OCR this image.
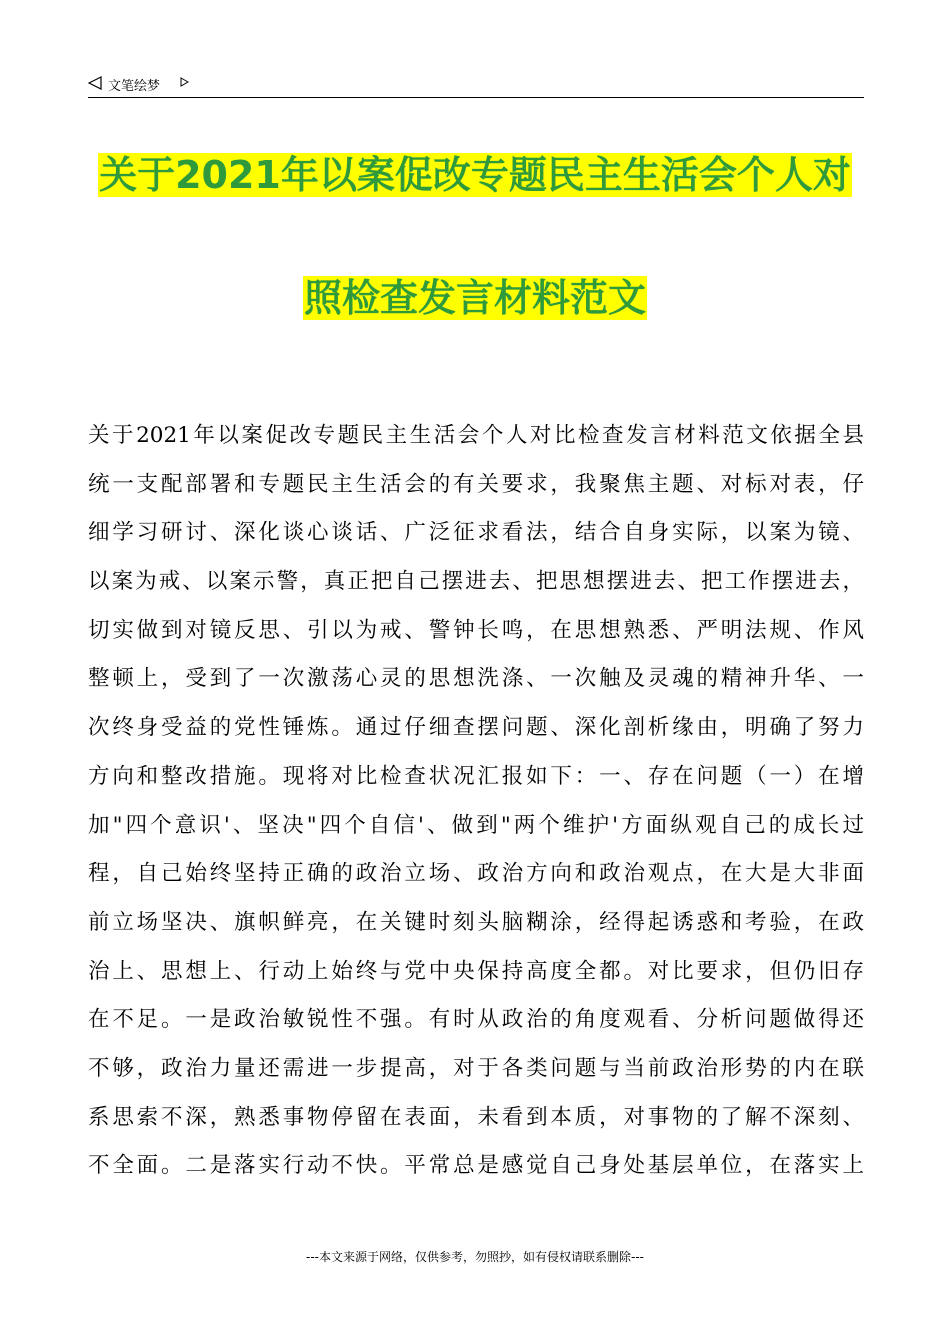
文笔绘梦
关于2021年以案促改专题民主生活会个人对
照检查发言材料范文
关于2021年以案促改专题民主生活会个人对比检查发言材料范文依据全县
统一支配部署和专题民主生活会的有关要求，我聚焦主题、对标对表，仔
细学习研讨、深化谈心谈话、广泛征求看法，结合自身实际，以案为镜、
以案为戒、以案示警，真正把自己摆进去、把思想摆进去、把工作摆进去，
切实做到对镜反思、引以为戒、警钟长鸣，在思想熟悉、严明法规、作风
整顿上，受到了一次激荡心灵的思想洗涤、一次触及灵魂的精神升华、一
次终身受益的党性锤炼。通过仔细查摆问题、深化剖析缘由，明确了努力
方向和整改措施。现将对比检查状况汇报如下：一、存在问题（一）在增
加"四个意识'、坚决"四个自信'、做到"两个维护'方面纵观自己的成长过
程，自己始终坚持正确的政治立场、政治方向和政治观点，在大是大非面
前立场坚决、旗帜鲜亮，在关键时刻头脑糊涂，经得起诱惑和考验，在政
治上、思想上、行动上始终与党中央保持高度全都。对比要求，但仍旧存
在不足。一是政治敏锐性不强。有时从政治的角度观看、分析问题做得还
不够，政治力量还需进一步提高，对于各类问题与当前政治形势的内在联
系思索不深，熟悉事物停留在表面，未看到本质，对事物的了解不深刻、
不全面。二是落实行动不快。平常总是感觉自己身处基层单位，在落实上
---本文来源于网络，仅供参考，勿照抄，如有侵权请联系删除---
